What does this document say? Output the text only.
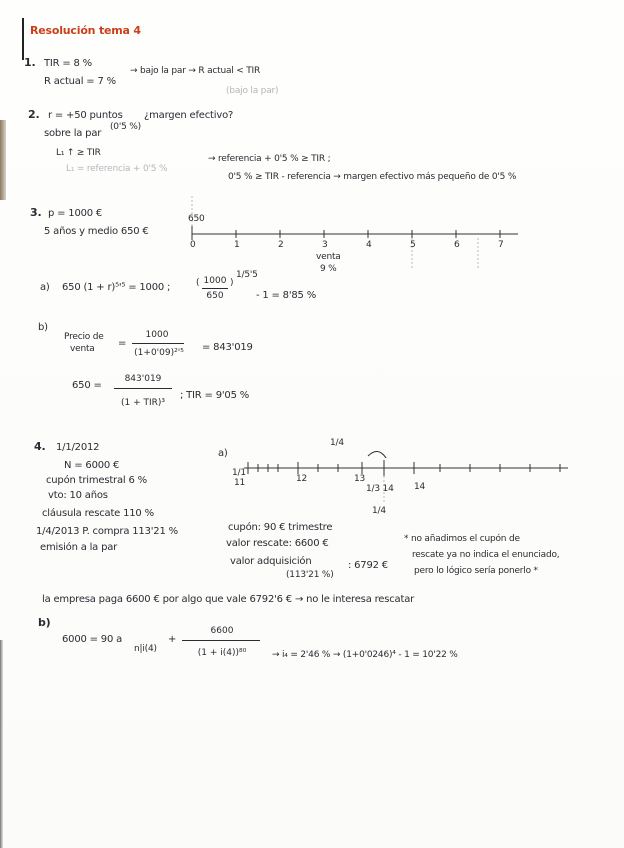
Resolución tema 4
1. TIR = 8 %
R actual = 7 %
→ bajo la par → R actual < TIR
(bajo la par)
2. r = +50 puntos
(0'5 %)
¿margen efectivo?
sobre la par
L₁ ↑ ≥ TIR
L₁ = referencia + 0'5 %
→ referencia + 0'5 % ≥ TIR ;
0'5 % ≥ TIR - referencia → margen efectivo más pequeño de 0'5 %
3. p = 1000 €
5 años y medio 650 €
650
0	1	2	3	4	5	6	7
venta
9 %
a) 650 (1 + r)⁵'⁵ = 1000 ;	( 1000
650
)
1/5'5
- 1 = 8'85 %
b)
Precio de
venta =
1000
(1+0'09)²'⁵	= 843'019
650 =
843'019
(1 + TIR)³
; TIR = 9'05 %
4. 1/1/2012
N = 6000 €
cupón trimestral 6 %
vto: 10 años
cláusula rescate 110 %
1/4/2013 P. compra 113'21 %
emisión a la par
a)
1/4
1/1
11	12	13
1/3 14 14
1/4
cupón: 90 € trimestre
valor rescate: 6600 €
valor adquisición
(113'21 %)
: 6792 €
* no añadimos el cupón de
rescate ya no indica el enunciado,
pero lo lógico sería ponerlo *
la empresa paga 6600 € por algo que vale 6792'6 € → no le interesa rescatar
b)
6000 = 90 a
n|i(4)
+
6600
(1 + i(4))⁸⁰	→ i₄ = 2'46 % → (1+0'0246)⁴ - 1 = 10'22 %
